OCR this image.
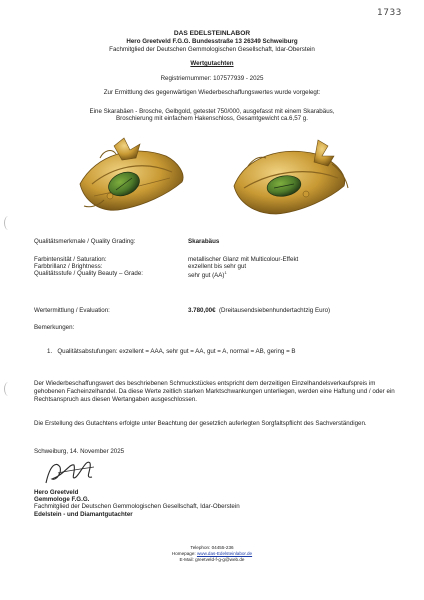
1733
DAS EDELSTEINLABOR
Hero Greetveld F.G.G. Bundesstraße 13 26349 Schweiburg
Fachmitglied der Deutschen Gemmologischen Gesellschaft, Idar-Oberstein
Wertgutachten
Registriernummer: 107577939 - 2025
Zur Ermittlung des gegenwärtigen Wiederbeschaffungswertes wurde vorgelegt:
Eine Skarabäen - Brosche, Gelbgold, getestet 750/000, ausgefasst mit einem Skarabäus,
Broschierung mit einfachem Hakenschloss, Gesamtgewicht ca.6,57 g.
Qualitätsmerkmale / Quality Grading:	Skarabäus
Farbintensität / Saturation:	metallischer Glanz mit Multicolour-Effekt
Farbbrillanz / Brightness:	exzellent bis sehr gut
Qualitätsstufe / Quality Beauty – Grade:	sehr gut (AA)$^1$
Wertermittlung / Evaluation:	3.780,00€ (Dreitausendsiebenhundertachtzig Euro)
Bemerkungen:
1. Qualitätsabstufungen: exzellent = AAA, sehr gut = AA, gut = A, normal = AB, gering = B
Der Wiederbeschaffungswert des beschriebenen Schmuckstückes entspricht dem derzeitigen Einzelhandelsverkaufspreis im gehobenen Facheinzelhandel. Da diese Werte zeitlich starken Marktschwankungen unterliegen, werden eine Haftung und / oder ein Rechtsanspruch aus diesen Wertangaben ausgeschlossen.
Die Erstellung des Gutachtens erfolgte unter Beachtung der gesetzlich auferlegten Sorgfaltspflicht des Sachverständigen.
Schweiburg, 14. November 2025
Hero Greetveld
Gemmologe F.G.G.
Fachmitglied der Deutschen Gemmologischen Gesellschaft, Idar-Oberstein
Edelstein - und Diamantgutachter
Telephon: 04455-236
Homepage: www.das-Edelsteinlabor.de
E-Mail: greetveld-f-g-g@web.de
